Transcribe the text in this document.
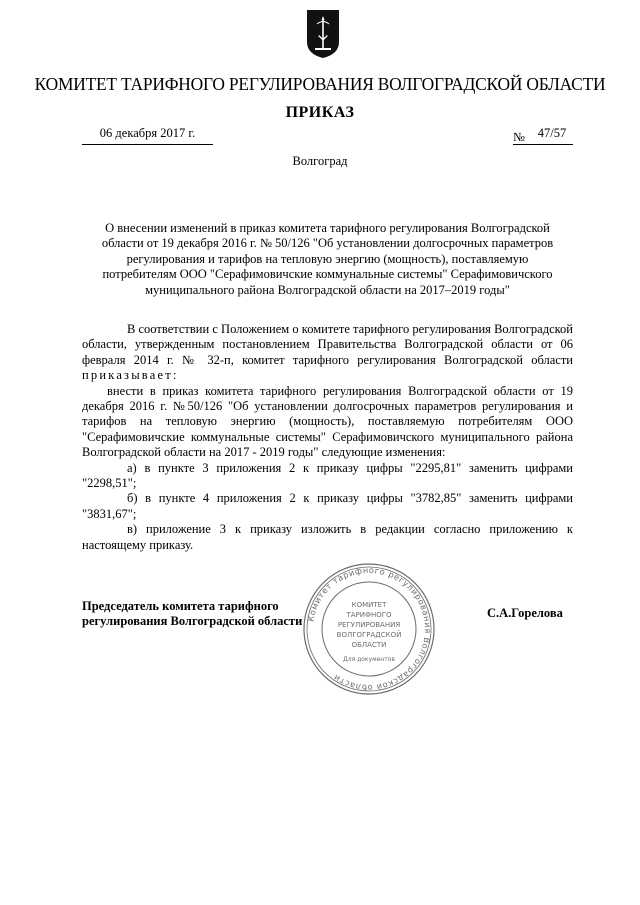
КОМИТЕТ ТАРИФНОГО РЕГУЛИРОВАНИЯ ВОЛГОГРАДСКОЙ ОБЛАСТИ
ПРИКАЗ
06 декабря 2017 г.	№	47/57
Волгоград
О внесении изменений в приказ комитета тарифного регулирования Волгоградской
области от 19 декабря 2016 г. № 50/126 "Об установлении долгосрочных параметров
регулирования и тарифов на тепловую энергию (мощность), поставляемую
потребителям ООО "Серафимовичские коммунальные системы" Серафимовичского
муниципального района Волгоградской области на 2017–2019 годы"

В соответствии с Положением о комитете тарифного регулирования Волгоградской области, утвержденным постановлением Правительства Волгоградской области от 06 февраля 2014 г. № 32-п, комитет тарифного регулирования Волгоградской области приказывает:

внести в приказ комитета тарифного регулирования Волгоградской области от 19 декабря 2016 г. №50/126 "Об установлении долгосрочных параметров регулирования и тарифов на тепловую энергию (мощность), поставляемую потребителям ООО "Серафимовичские коммунальные системы" Серафимовичского муниципального района Волгоградской области на 2017 - 2019 годы" следующие изменения:

а) в пункте 3 приложения 2 к приказу цифры "2295,81" заменить цифрами "2298,51";

б) в пункте 4 приложения 2 к приказу цифры "3782,85" заменить цифрами "3831,67";

в) приложение 3 к приказу изложить в редакции согласно приложению к настоящему приказу.

Председатель комитета тарифного
регулирования Волгоградской области
С.А.Горелова
Комитет тарифного регулирования Волгоградской области
КОМИТЕТ
ТАРИФНОГО
РЕГУЛИРОВАНИЯ
ВОЛГОГРАДСКОЙ
ОБЛАСТИ
Для документов
